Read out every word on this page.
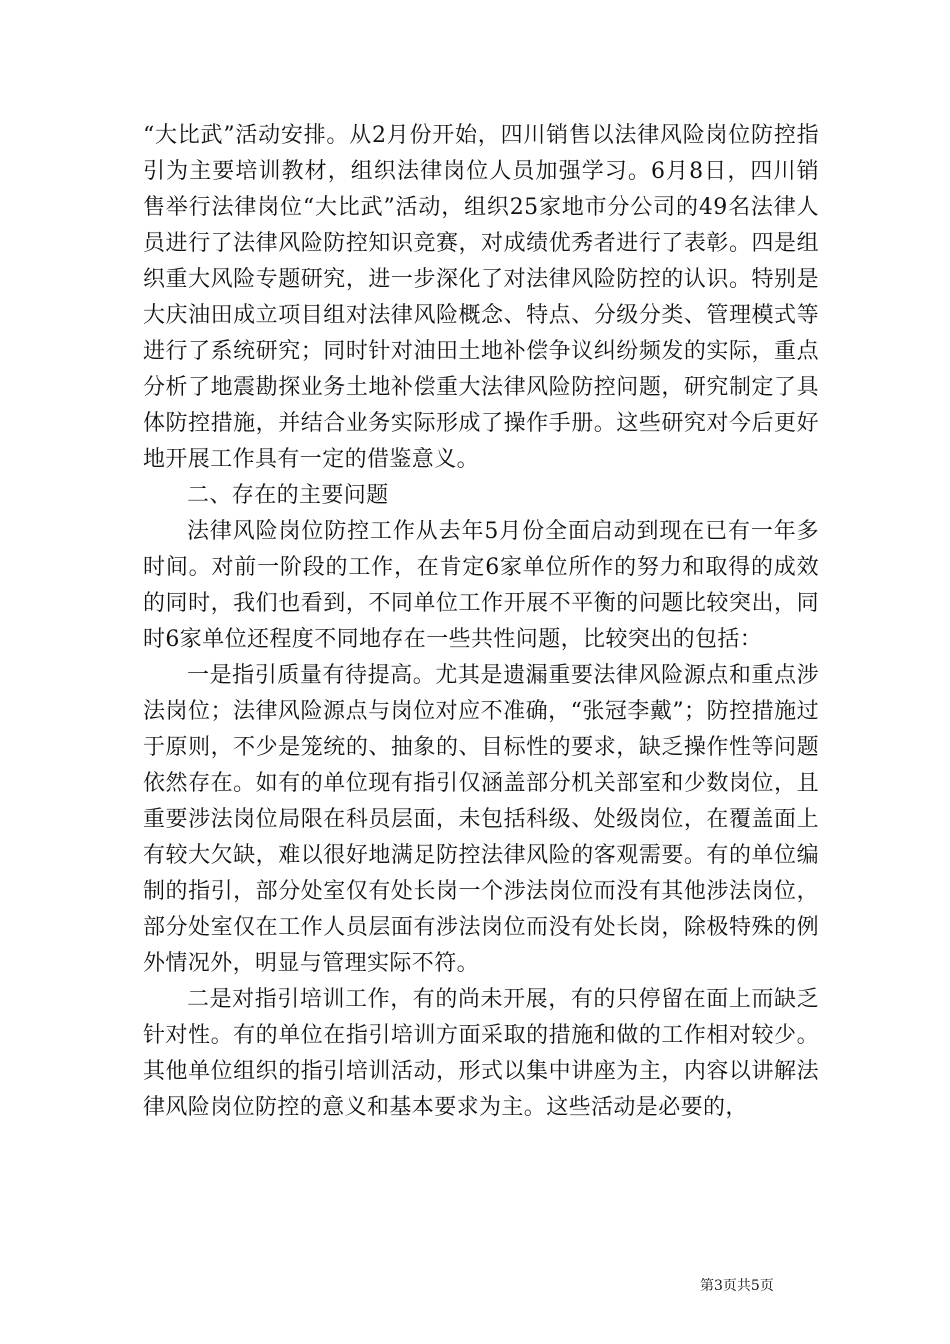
“大比武”活动安排。从2月份开始，四川销售以法律风险岗位防控指引为主要培训教材，组织法律岗位人员加强学习。6月8日，四川销售举行法律岗位“大比武”活动，组织25家地市分公司的49名法律人员进行了法律风险防控知识竞赛，对成绩优秀者进行了表彰。四是组织重大风险专题研究，进一步深化了对法律风险防控的认识。特别是大庆油田成立项目组对法律风险概念、特点、分级分类、管理模式等进行了系统研究；同时针对油田土地补偿争议纠纷频发的实际，重点分析了地震勘探业务土地补偿重大法律风险防控问题，研究制定了具体防控措施，并结合业务实际形成了操作手册。这些研究对今后更好地开展工作具有一定的借鉴意义。

二、存在的主要问题

法律风险岗位防控工作从去年5月份全面启动到现在已有一年多时间。对前一阶段的工作，在肯定6家单位所作的努力和取得的成效的同时，我们也看到，不同单位工作开展不平衡的问题比较突出，同时6家单位还程度不同地存在一些共性问题，比较突出的包括：

一是指引质量有待提高。尤其是遗漏重要法律风险源点和重点涉法岗位；法律风险源点与岗位对应不准确，“张冠李戴”；防控措施过于原则，不少是笼统的、抽象的、目标性的要求，缺乏操作性等问题依然存在。如有的单位现有指引仅涵盖部分机关部室和少数岗位，且重要涉法岗位局限在科员层面，未包括科级、处级岗位，在覆盖面上有较大欠缺，难以很好地满足防控法律风险的客观需要。有的单位编制的指引，部分处室仅有处长岗一个涉法岗位而没有其他涉法岗位，部分处室仅在工作人员层面有涉法岗位而没有处长岗，除极特殊的例外情况外，明显与管理实际不符。

二是对指引培训工作，有的尚未开展，有的只停留在面上而缺乏针对性。有的单位在指引培训方面采取的措施和做的工作相对较少。其他单位组织的指引培训活动，形式以集中讲座为主，内容以讲解法律风险岗位防控的意义和基本要求为主。这些活动是必要的，

第3页共5页
